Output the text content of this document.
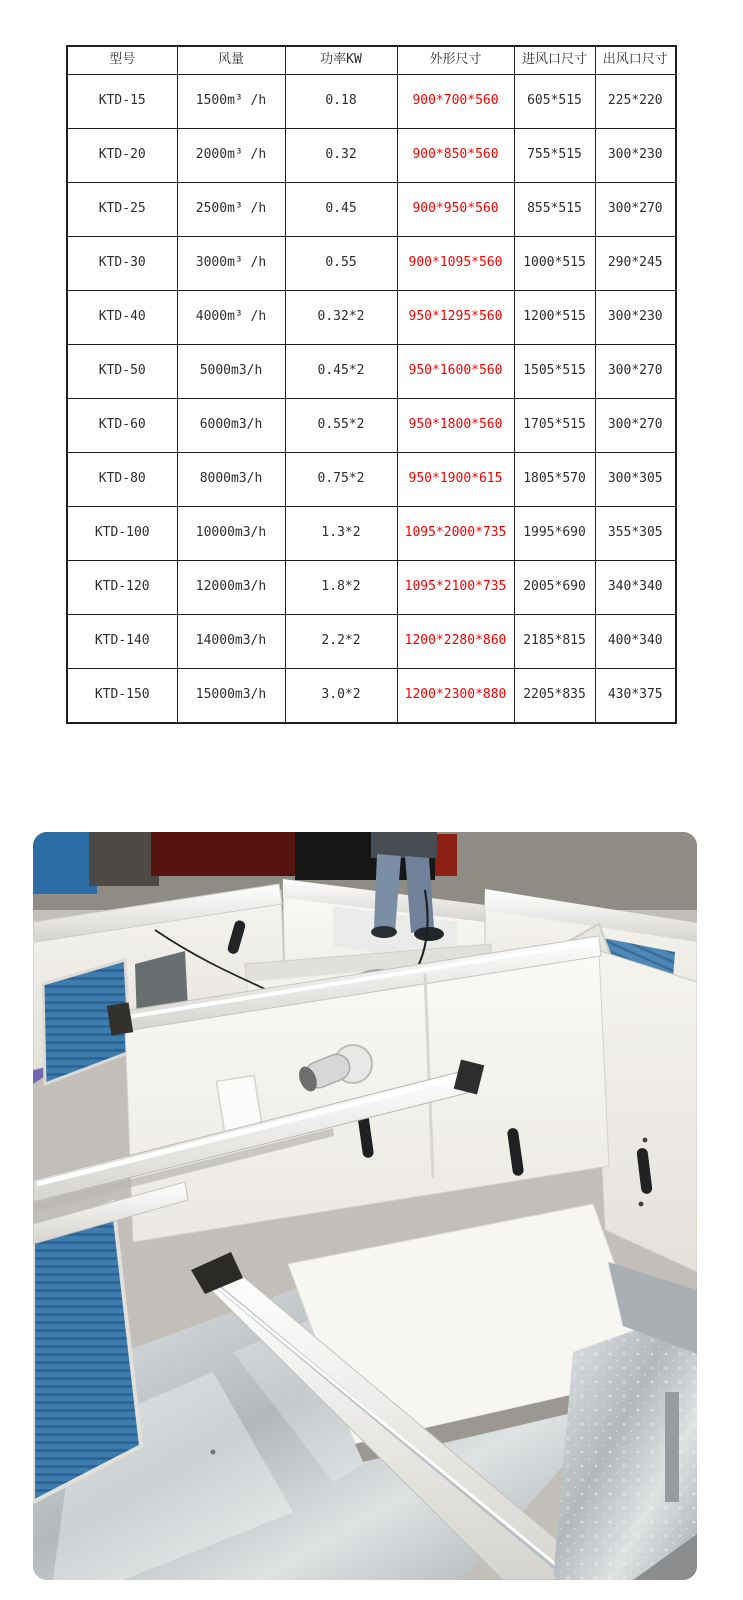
型号	风量	功率KW	外形尺寸	进风口尺寸	出风口尺寸
KTD-15	1500m³ /h	0.18	900*700*560	605*515	225*220
KTD-20	2000m³ /h	0.32	900*850*560	755*515	300*230
KTD-25	2500m³ /h	0.45	900*950*560	855*515	300*270
KTD-30	3000m³ /h	0.55	900*1095*560	1000*515	290*245
KTD-40	4000m³ /h	0.32*2	950*1295*560	1200*515	300*230
KTD-50	5000m3/h	0.45*2	950*1600*560	1505*515	300*270
KTD-60	6000m3/h	0.55*2	950*1800*560	1705*515	300*270
KTD-80	8000m3/h	0.75*2	950*1900*615	1805*570	300*305
KTD-100	10000m3/h	1.3*2	1095*2000*735	1995*690	355*305
KTD-120	12000m3/h	1.8*2	1095*2100*735	2005*690	340*340
KTD-140	14000m3/h	2.2*2	1200*2280*860	2185*815	400*340
KTD-150	15000m3/h	3.0*2	1200*2300*880	2205*835	430*375
